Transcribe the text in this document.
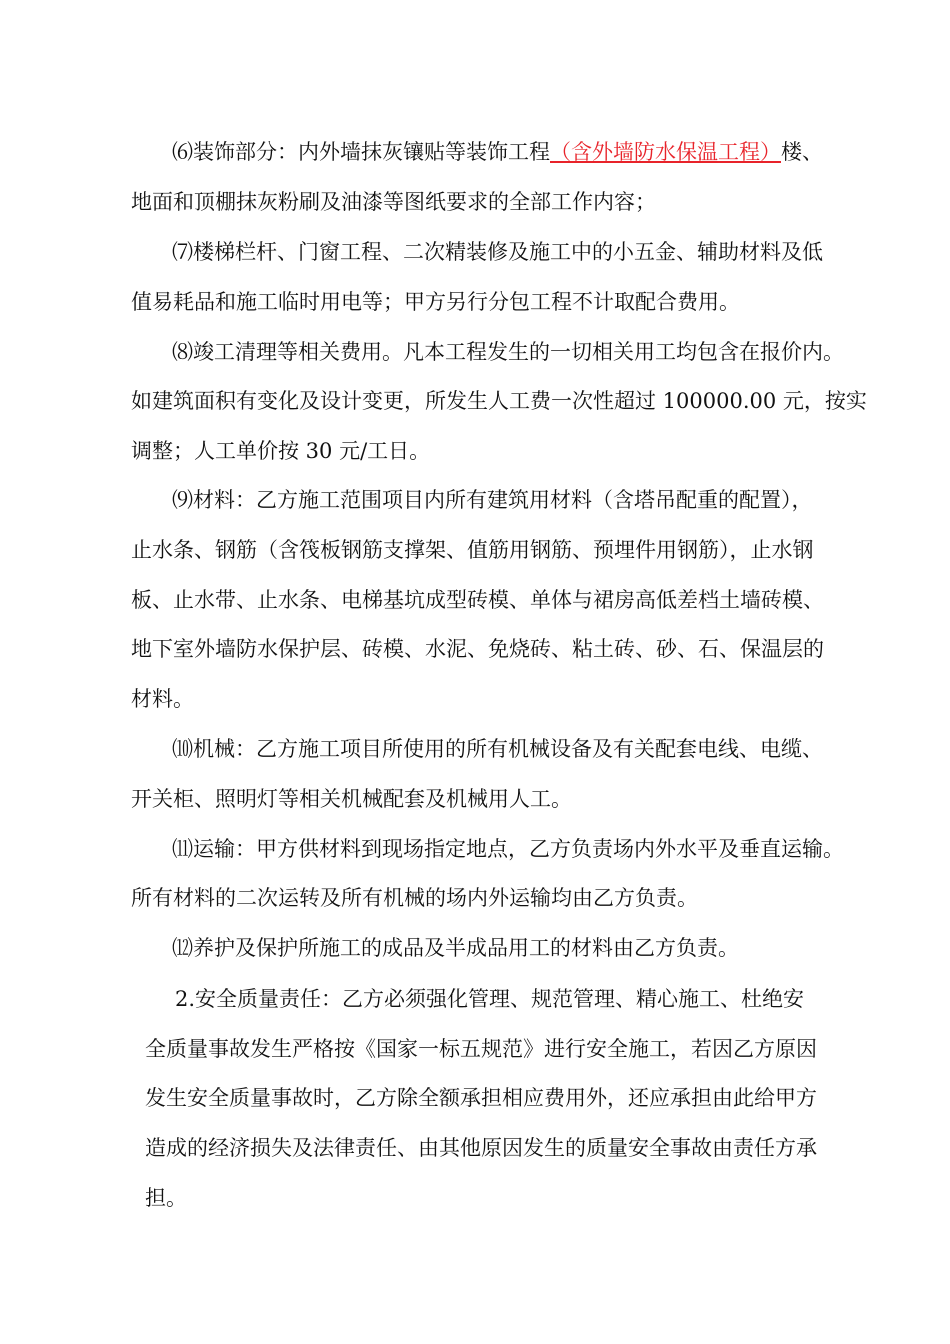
⑹装饰部分：内外墙抹灰镶贴等装饰工程（含外墙防水保温工程）楼、
地面和顶棚抹灰粉刷及油漆等图纸要求的全部工作内容；
⑺楼梯栏杆、门窗工程、二次精装修及施工中的小五金、辅助材料及低
值易耗品和施工临时用电等；甲方另行分包工程不计取配合费用。
⑻竣工清理等相关费用。凡本工程发生的一切相关用工均包含在报价内。
如建筑面积有变化及设计变更，所发生人工费一次性超过 100000.00 元，按实
调整；人工单价按 30 元/工日。
⑼材料：乙方施工范围项目内所有建筑用材料（含塔吊配重的配置），
止水条、钢筋（含筏板钢筋支撑架、值筋用钢筋、预埋件用钢筋），止水钢
板、止水带、止水条、电梯基坑成型砖模、单体与裙房高低差档土墙砖模、
地下室外墙防水保护层、砖模、水泥、免烧砖、粘土砖、砂、石、保温层的
材料。
⑽机械：乙方施工项目所使用的所有机械设备及有关配套电线、电缆、
开关柜、照明灯等相关机械配套及机械用人工。
⑾运输：甲方供材料到现场指定地点，乙方负责场内外水平及垂直运输。
所有材料的二次运转及所有机械的场内外运输均由乙方负责。
⑿养护及保护所施工的成品及半成品用工的材料由乙方负责。
2.安全质量责任：乙方必须强化管理、规范管理、精心施工、杜绝安
全质量事故发生严格按《国家一标五规范》进行安全施工，若因乙方原因
发生安全质量事故时，乙方除全额承担相应费用外，还应承担由此给甲方
造成的经济损失及法律责任、由其他原因发生的质量安全事故由责任方承
担。
